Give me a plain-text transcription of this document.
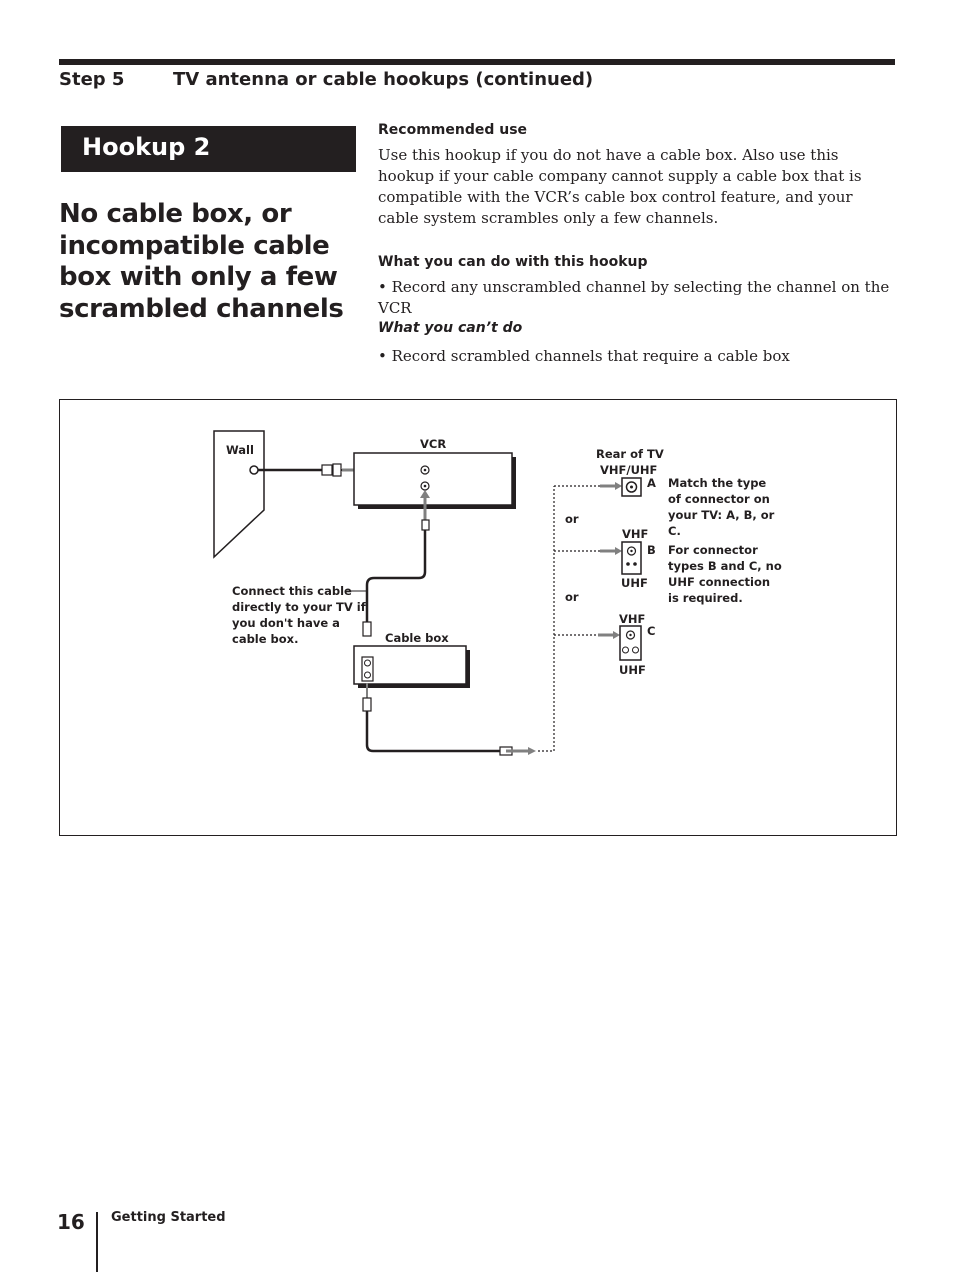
Step 5	TV antenna or cable hookups (continued)
Hookup 2
No cable box, or incompatible cable box with only a few scrambled channels
Recommended use
Use this hookup if you do not have a cable box. Also use this hookup if your cable company cannot supply a cable box that is compatible with the VCR’s cable box control feature, and your cable system scrambles only a few channels.
What you can do with this hookup
• Record any unscrambled channel by selecting the channel on the VCR
What you can’t do
• Record scrambled channels that require a cable box
Wall	VCR
Rear of TV
VHF/UHF
A
or
VHF
B
UHF
or
VHF
C
UHF
Match the type
of connector on
your TV: A, B, or
C.
For connector
types B and C, no
UHF connection
is required.
Connect this cable
directly to your TV if
you don't have a
cable box.	Cable box
16 Getting Started
